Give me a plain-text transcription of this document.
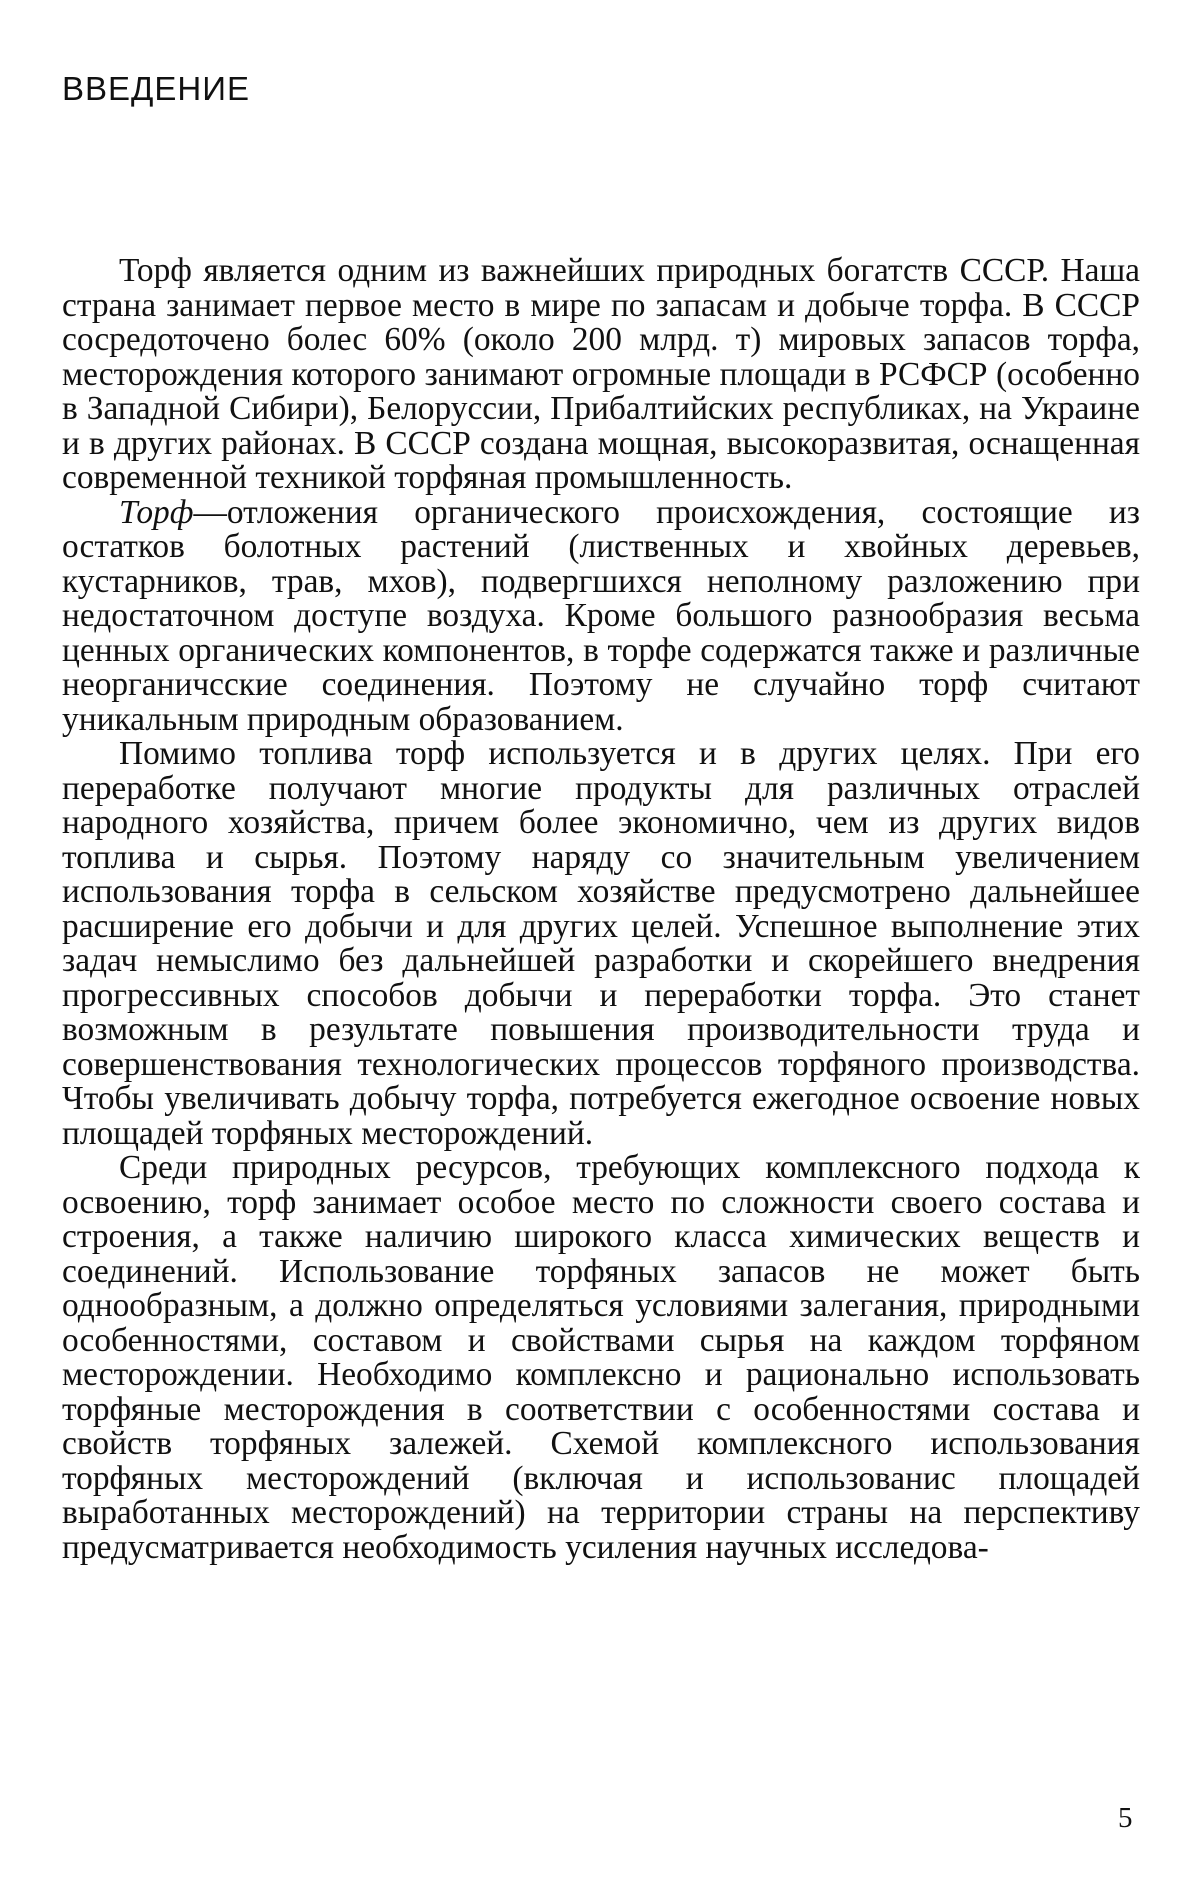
ВВЕДЕНИЕ

Торф является одним из важнейших природных богатств СССР. Наша страна занимает первое место в мире по запасам и добыче торфа. В СССР сосредоточено болес 60% (около 200 млрд. т) мировых запасов торфа, месторождения которого занимают огромные площади в РСФСР (особенно в Западной Сибири), Белоруссии, Прибалтийских республиках, на Украине и в других районах. В СССР создана мощная, высокоразвитая, оснащенная современной техникой торфяная промышленность.

Торф—отложения органического происхождения, состоящие из остатков болотных растений (лиственных и хвойных деревьев, кустарников, трав, мхов), подвергшихся неполному разложению при недостаточном доступе воздуха. Кроме большого разнообразия весьма ценных органических компонентов, в торфе содержатся также и различные неорганичсские соединения. Поэтому не случайно торф считают уникальным природным образованием.

Помимо топлива торф используется и в других целях. При его переработке получают многие продукты для различных отраслей народного хозяйства, причем более экономично, чем из других видов топлива и сырья. Поэтому наряду со значительным увеличением использования торфа в сельском хозяйстве предусмотрено дальнейшее расширение его добычи и для других целей. Успешное выполнение этих задач немыслимо без дальнейшей разработки и скорейшего внедрения прогрессивных способов добычи и переработки торфа. Это станет возможным в результате повышения производительности труда и совершенствования технологических процессов торфяного производства. Чтобы увеличивать добычу торфа, потребуется ежегодное освоение новых площадей торфяных месторождений.

Среди природных ресурсов, требующих комплексного подхода к освоению, торф занимает особое место по сложности своего состава и строения, а также наличию широкого класса химических веществ и соединений. Использование торфяных запасов не может быть однообразным, а должно определяться условиями залегания, природными особенностями, составом и свойствами сырья на каждом торфяном месторождении. Необходимо комплексно и рационально использовать торфяные месторождения в соответствии с особенностями состава и свойств торфяных залежей. Схемой комплексного использования торфяных месторождений (включая и использованис площадей выработанных месторождений) на территории страны на перспективу предусматривается необходимость усиления научных исследова-

5
